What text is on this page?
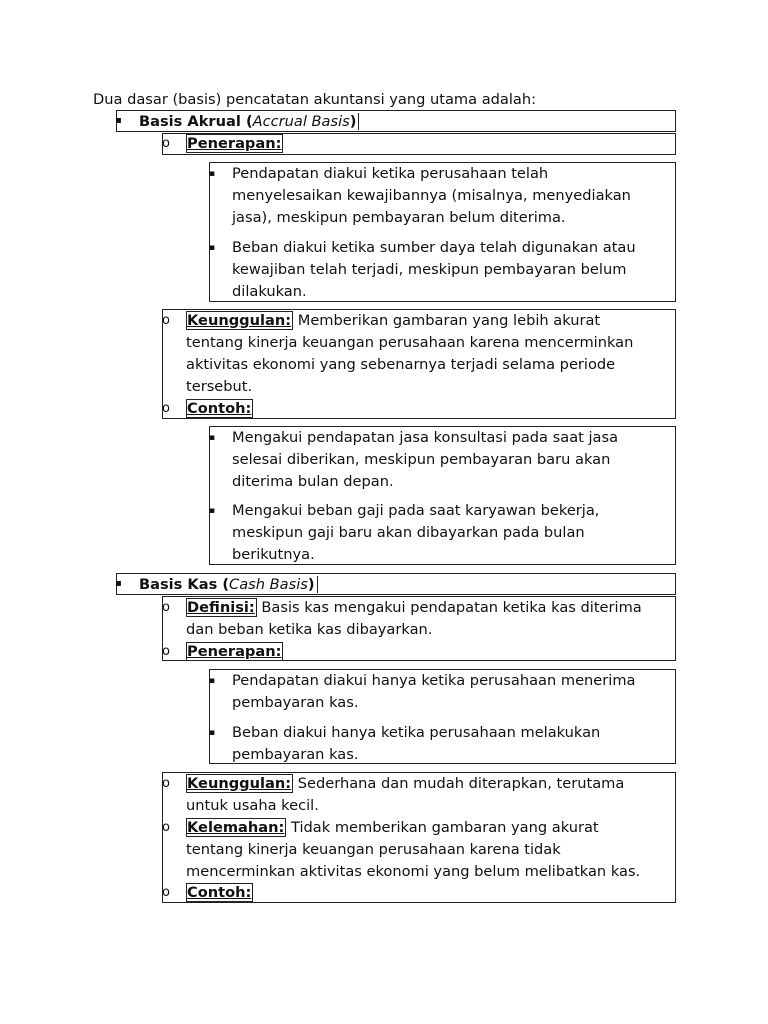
Dua dasar (basis) pencatatan akuntansi yang utama adalah:
▪ Basis Akrual (Accrual Basis)
o Penerapan:
▪ Pendapatan diakui ketika perusahaan telah
menyelesaikan kewajibannya (misalnya, menyediakan
jasa), meskipun pembayaran belum diterima.
▪ Beban diakui ketika sumber daya telah digunakan atau
kewajiban telah terjadi, meskipun pembayaran belum
dilakukan.
o Keunggulan: Memberikan gambaran yang lebih akurat
tentang kinerja keuangan perusahaan karena mencerminkan
aktivitas ekonomi yang sebenarnya terjadi selama periode
tersebut.
o Contoh:
▪ Mengakui pendapatan jasa konsultasi pada saat jasa
selesai diberikan, meskipun pembayaran baru akan
diterima bulan depan.
▪ Mengakui beban gaji pada saat karyawan bekerja,
meskipun gaji baru akan dibayarkan pada bulan
berikutnya.
▪ Basis Kas (Cash Basis)
o Definisi: Basis kas mengakui pendapatan ketika kas diterima
dan beban ketika kas dibayarkan.
o Penerapan:
▪ Pendapatan diakui hanya ketika perusahaan menerima
pembayaran kas.
▪ Beban diakui hanya ketika perusahaan melakukan
pembayaran kas.
o Keunggulan: Sederhana dan mudah diterapkan, terutama
untuk usaha kecil.
o Kelemahan: Tidak memberikan gambaran yang akurat
tentang kinerja keuangan perusahaan karena tidak
mencerminkan aktivitas ekonomi yang belum melibatkan kas.
o Contoh:
